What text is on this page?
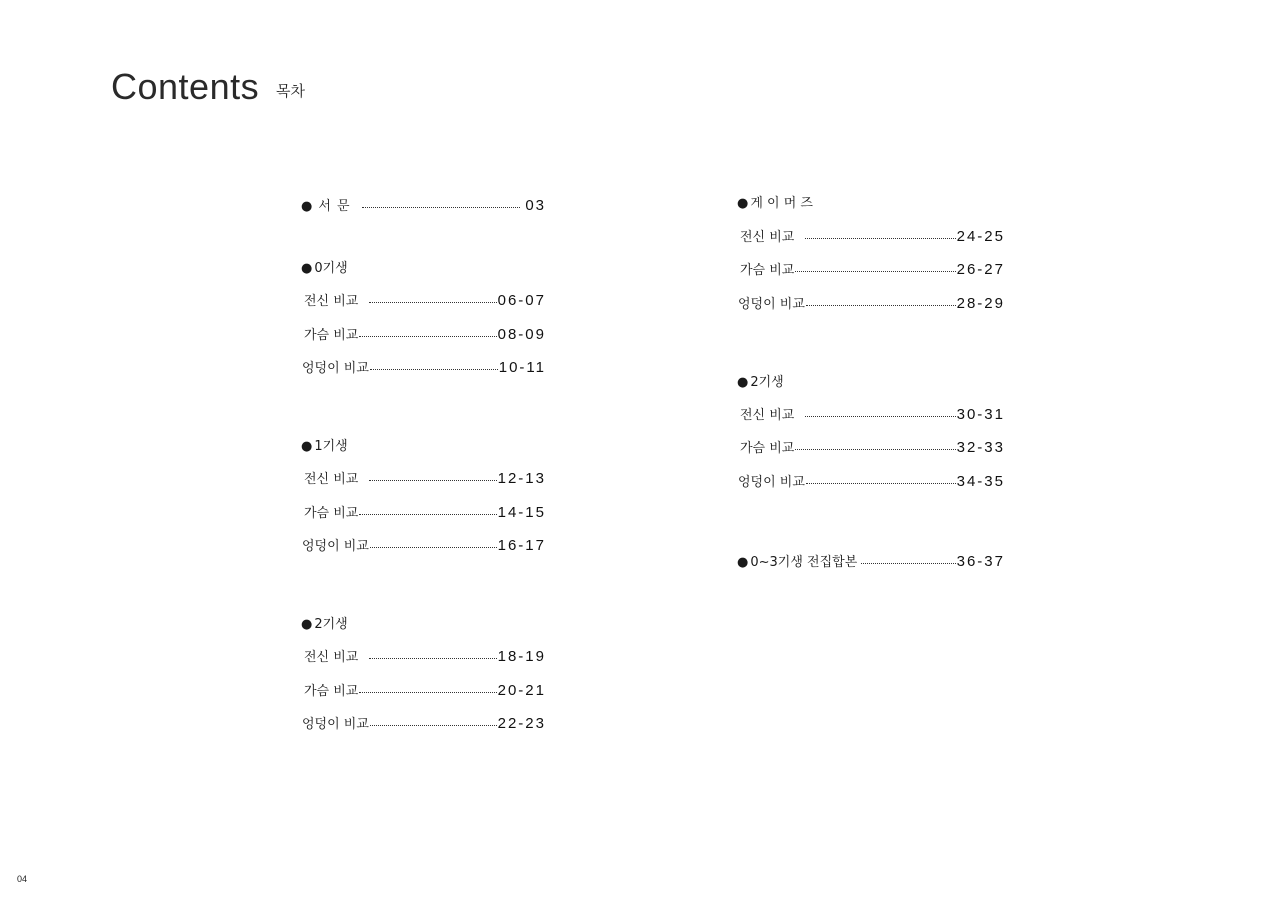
Contents 목차
● 서 문	03
● 0기생
전신 비교	06-07
가슴 비교	08-09
엉덩이 비교	10-11
● 1기생
전신 비교	12-13
가슴 비교	14-15
엉덩이 비교	16-17
● 2기생
전신 비교	18-19
가슴 비교	20-21
엉덩이 비교	22-23
● 게 이 머 즈
전신 비교	24-25
가슴 비교	26-27
엉덩이 비교	28-29
● 2기생
전신 비교	30-31
가슴 비교	32-33
엉덩이 비교	34-35
● 0~3기생 전집합본	36-37
04
